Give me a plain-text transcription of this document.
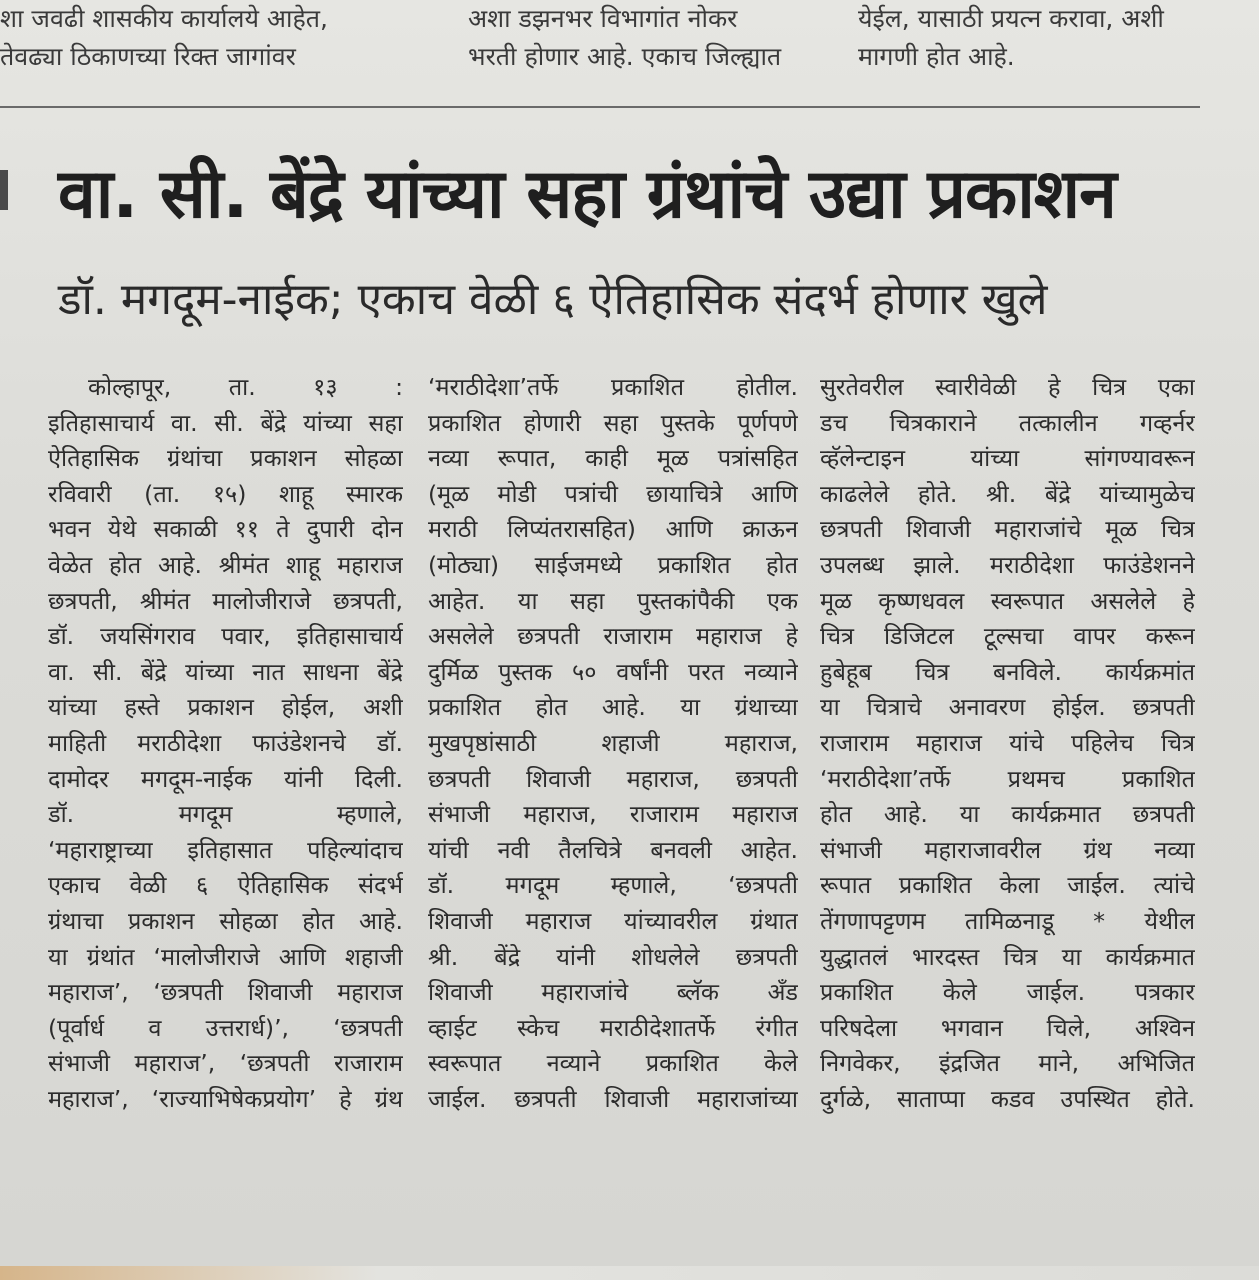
शा जवढी शासकीय कार्यालये आहेत,
तेवढ्या ठिकाणच्या रिक्त जागांवर
अशा डझनभर विभागांत नोकर
भरती होणार आहे. एकाच जिल्ह्यात
येईल, यासाठी प्रयत्न करावा, अशी
मागणी होत आहे.
वा. सी. बेंद्रे यांच्या सहा ग्रंथांचे उद्या प्रकाशन
डॉ. मगदूम-नाईक; एकाच वेळी ६ ऐतिहासिक संदर्भ होणार खुले
कोल्हापूर, ता. १३ :
इतिहासाचार्य वा. सी. बेंद्रे यांच्या सहा
ऐतिहासिक ग्रंथांचा प्रकाशन सोहळा
रविवारी (ता. १५) शाहू स्मारक
भवन येथे सकाळी ११ ते दुपारी दोन
वेळेत होत आहे. श्रीमंत शाहू महाराज
छत्रपती, श्रीमंत मालोजीराजे छत्रपती,
डॉ. जयसिंगराव पवार, इतिहासाचार्य
वा. सी. बेंद्रे यांच्या नात साधना बेंद्रे
यांच्या हस्ते प्रकाशन होईल, अशी
माहिती मराठीदेशा फाउंडेशनचे डॉ.
दामोदर मगदूम-नाईक यांनी दिली.
डॉ. मगदूम म्हणाले,
‘महाराष्ट्राच्या इतिहासात पहिल्यांदाच
एकाच वेळी ६ ऐतिहासिक संदर्भ
ग्रंथाचा प्रकाशन सोहळा होत आहे.
या ग्रंथांत ‘मालोजीराजे आणि शहाजी
महाराज’, ‘छत्रपती शिवाजी महाराज
(पूर्वार्ध व उत्तरार्ध)’, ‘छत्रपती
संभाजी महाराज’, ‘छत्रपती राजाराम
महाराज’, ‘राज्याभिषेकप्रयोग’ हे ग्रंथ
‘मराठीदेशा’तर्फे प्रकाशित होतील.
प्रकाशित होणारी सहा पुस्तके पूर्णपणे
नव्या रूपात, काही मूळ पत्रांसहित
(मूळ मोडी पत्रांची छायाचित्रे आणि
मराठी लिप्यंतरासहित) आणि क्राऊन
(मोठ्या) साईजमध्ये प्रकाशित होत
आहेत. या सहा पुस्तकांपैकी एक
असलेले छत्रपती राजाराम महाराज हे
दुर्मिळ पुस्तक ५० वर्षांनी परत नव्याने
प्रकाशित होत आहे. या ग्रंथाच्या
मुखपृष्ठांसाठी शहाजी महाराज,
छत्रपती शिवाजी महाराज, छत्रपती
संभाजी महाराज, राजाराम महाराज
यांची नवी तैलचित्रे बनवली आहेत.
डॉ. मगदूम म्हणाले, ‘छत्रपती
शिवाजी महाराज यांच्यावरील ग्रंथात
श्री. बेंद्रे यांनी शोधलेले छत्रपती
शिवाजी महाराजांचे ब्लॅक अँड
व्हाईट स्केच मराठीदेशातर्फे रंगीत
स्वरूपात नव्याने प्रकाशित केले
जाईल. छत्रपती शिवाजी महाराजांच्या
सुरतेवरील स्वारीवेळी हे चित्र एका
डच चित्रकाराने तत्कालीन गव्हर्नर
व्हॅलेन्टाइन यांच्या सांगण्यावरून
काढलेले होते. श्री. बेंद्रे यांच्यामुळेच
छत्रपती शिवाजी महाराजांचे मूळ चित्र
उपलब्ध झाले. मराठीदेशा फाउंडेशनने
मूळ कृष्णधवल स्वरूपात असलेले हे
चित्र डिजिटल टूल्सचा वापर करून
हुबेहूब चित्र बनविले. कार्यक्रमांत
या चित्राचे अनावरण होईल. छत्रपती
राजाराम महाराज यांचे पहिलेच चित्र
‘मराठीदेशा’तर्फे प्रथमच प्रकाशित
होत आहे. या कार्यक्रमात छत्रपती
संभाजी महाराजावरील ग्रंथ नव्या
रूपात प्रकाशित केला जाईल. त्यांचे
तेंगणापट्टणम तामिळनाडू * येथील
युद्धातलं भारदस्त चित्र या कार्यक्रमात
प्रकाशित केले जाईल. पत्रकार
परिषदेला भगवान चिले, अश्विन
निगवेकर, इंद्रजित माने, अभिजित
दुर्गळे, साताप्पा कडव उपस्थित होते.
